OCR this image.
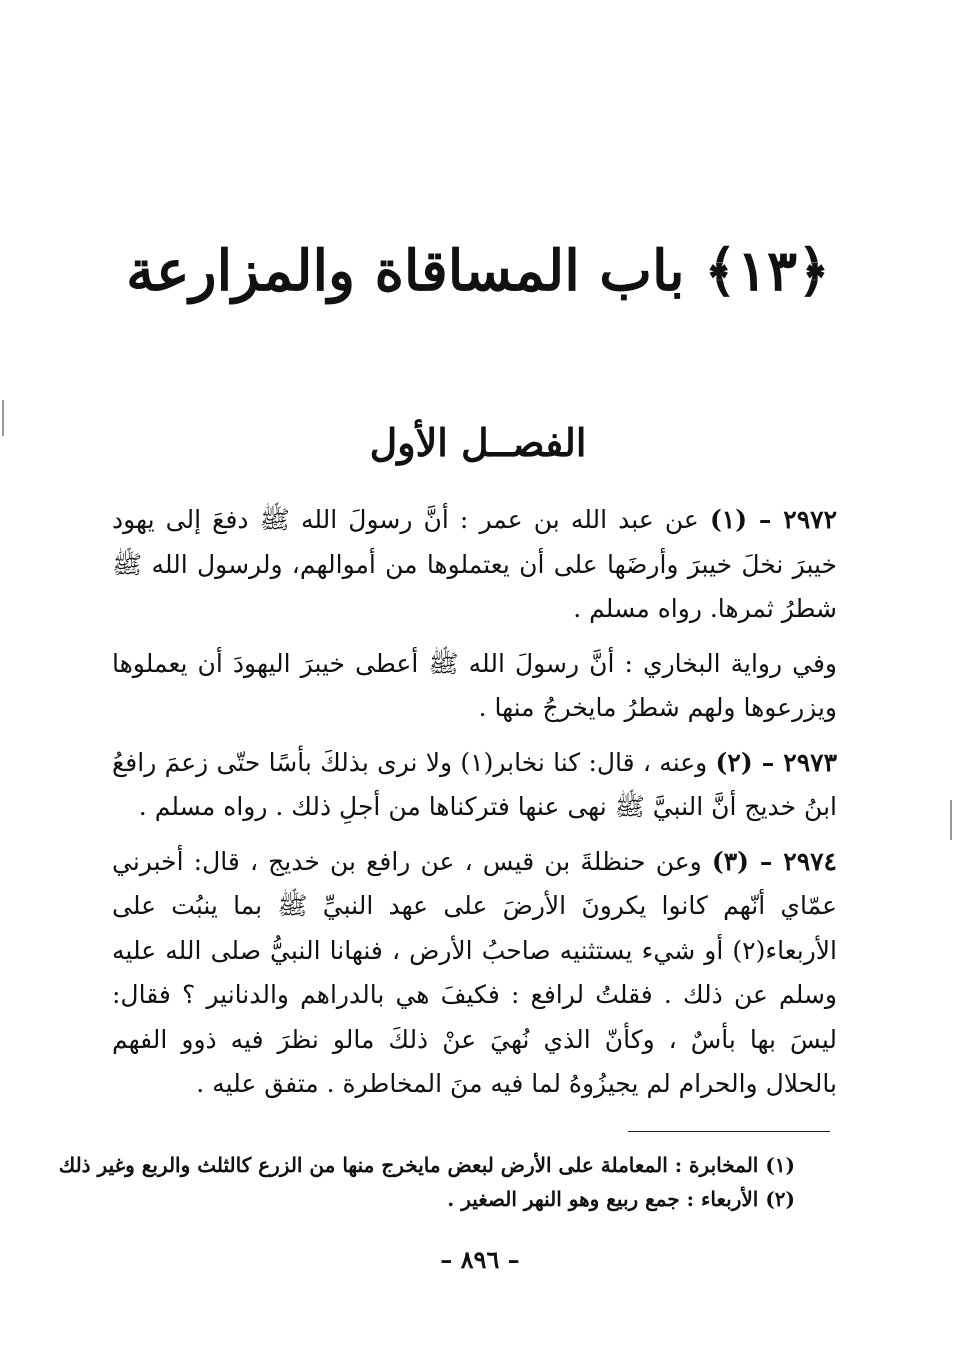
﴿١٣﴾ باب المساقاة والمزارعة
الفصــل الأول

٢٩٧٢ – (١) عن عبد الله بن عمر : أنَّ رسولَ الله ﷺ دفعَ إلى يهود خيبرَ نخلَ خيبرَ وأرضَها على أن يعتملوها من أموالهم، ولرسول الله ﷺ شطرُ ثمرها. رواه مسلم .

وفي رواية البخاري : أنَّ رسولَ الله ﷺ أعطى خيبرَ اليهودَ أن يعملوها ويزرعوها ولهم شطرُ مايخرجُ منها .

٢٩٧٣ – (٢) وعنه ، قال: كنا نخابر(١) ولا نرى بذلكَ بأسًا حتّى زعمَ رافعُ ابنُ خديج أنَّ النبيَّ ﷺ نهى عنها فتركناها من أجلِ ذلك . رواه مسلم .

٢٩٧٤ – (٣) وعن حنظلةَ بن قيس ، عن رافع بن خديج ، قال: أخبرني عمّاي أنّهم كانوا يكرونَ الأرضَ على عهد النبيِّ ﷺ بما ينبُت على الأربعاء(٢) أو شيء يستثنيه صاحبُ الأرض ، فنهانا النبيُّ صلى الله عليه وسلم عن ذلك . فقلتُ لرافع : فكيفَ هي بالدراهم والدنانير ؟ فقال: ليسَ بها بأسٌ ، وكأنّ الذي نُهيَ عنْ ذلكَ مالو نظرَ فيه ذوو الفهم بالحلال والحرام لم يجيزُوهُ لما فيه منَ المخاطرة . متفق عليه .

(١) المخابرة : المعاملة على الأرض لبعض مايخرج منها من الزرع كالثلث والربع وغير ذلك
(٢) الأربعاء : جمع ربيع وهو النهر الصغير .
– ٨٩٦ –
